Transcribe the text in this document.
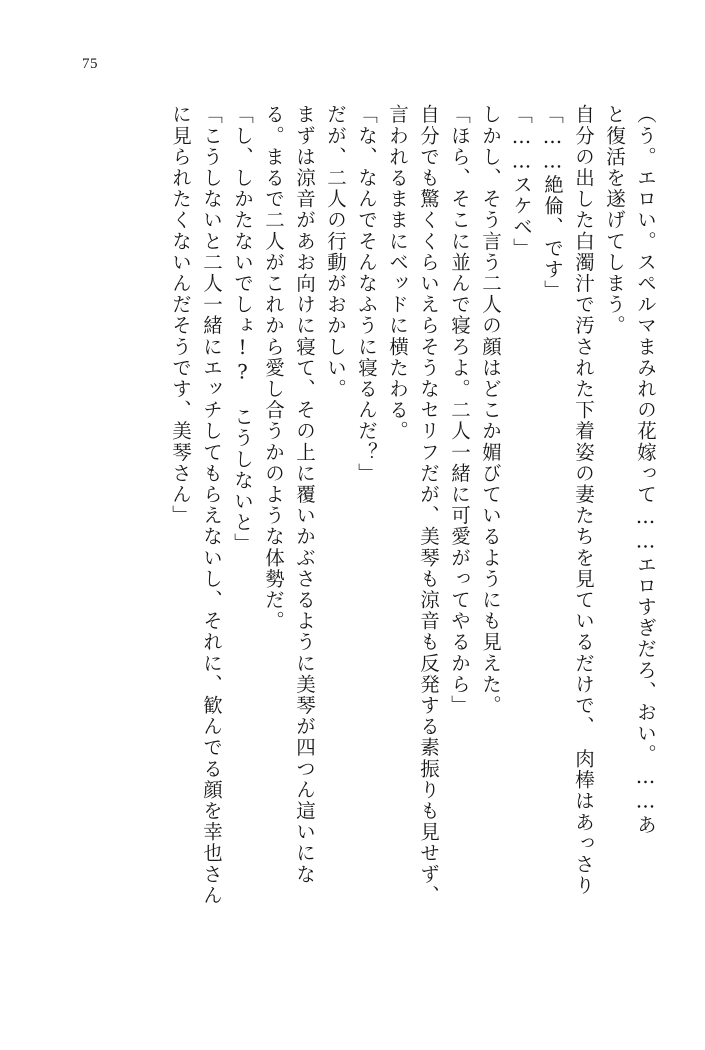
75
（う。エロい。スペルマまみれの花嫁って……エロすぎだろ、おい。……あ
と復活を遂げてしまう。
自分の出した白濁汁で汚された下着姿の妻たちを見ているだけで、　肉棒はあっさり
「……絶倫、です」
「……スケベ」
しかし、そう言う二人の顔はどこか媚びているようにも見えた。
「ほら、そこに並んで寝ろよ。二人一緒に可愛がってやるから」
自分でも驚くくらいえらそうなセリフだが、美琴も涼音も反発する素振りも見せず、
言われるままにベッドに横たわる。
「な、なんでそんなふうに寝るんだ？」
だが、二人の行動がおかしい。
まずは涼音があお向けに寝て、その上に覆いかぶさるように美琴が四つん這いにな
る。まるで二人がこれから愛し合うかのような体勢だ。
「し、しかたないでしょ!?　こうしないと」
「こうしないと二人一緒にエッチしてもらえないし、それに、歓んでる顔を幸也さん
に見られたくないんだそうです、美琴さん」
